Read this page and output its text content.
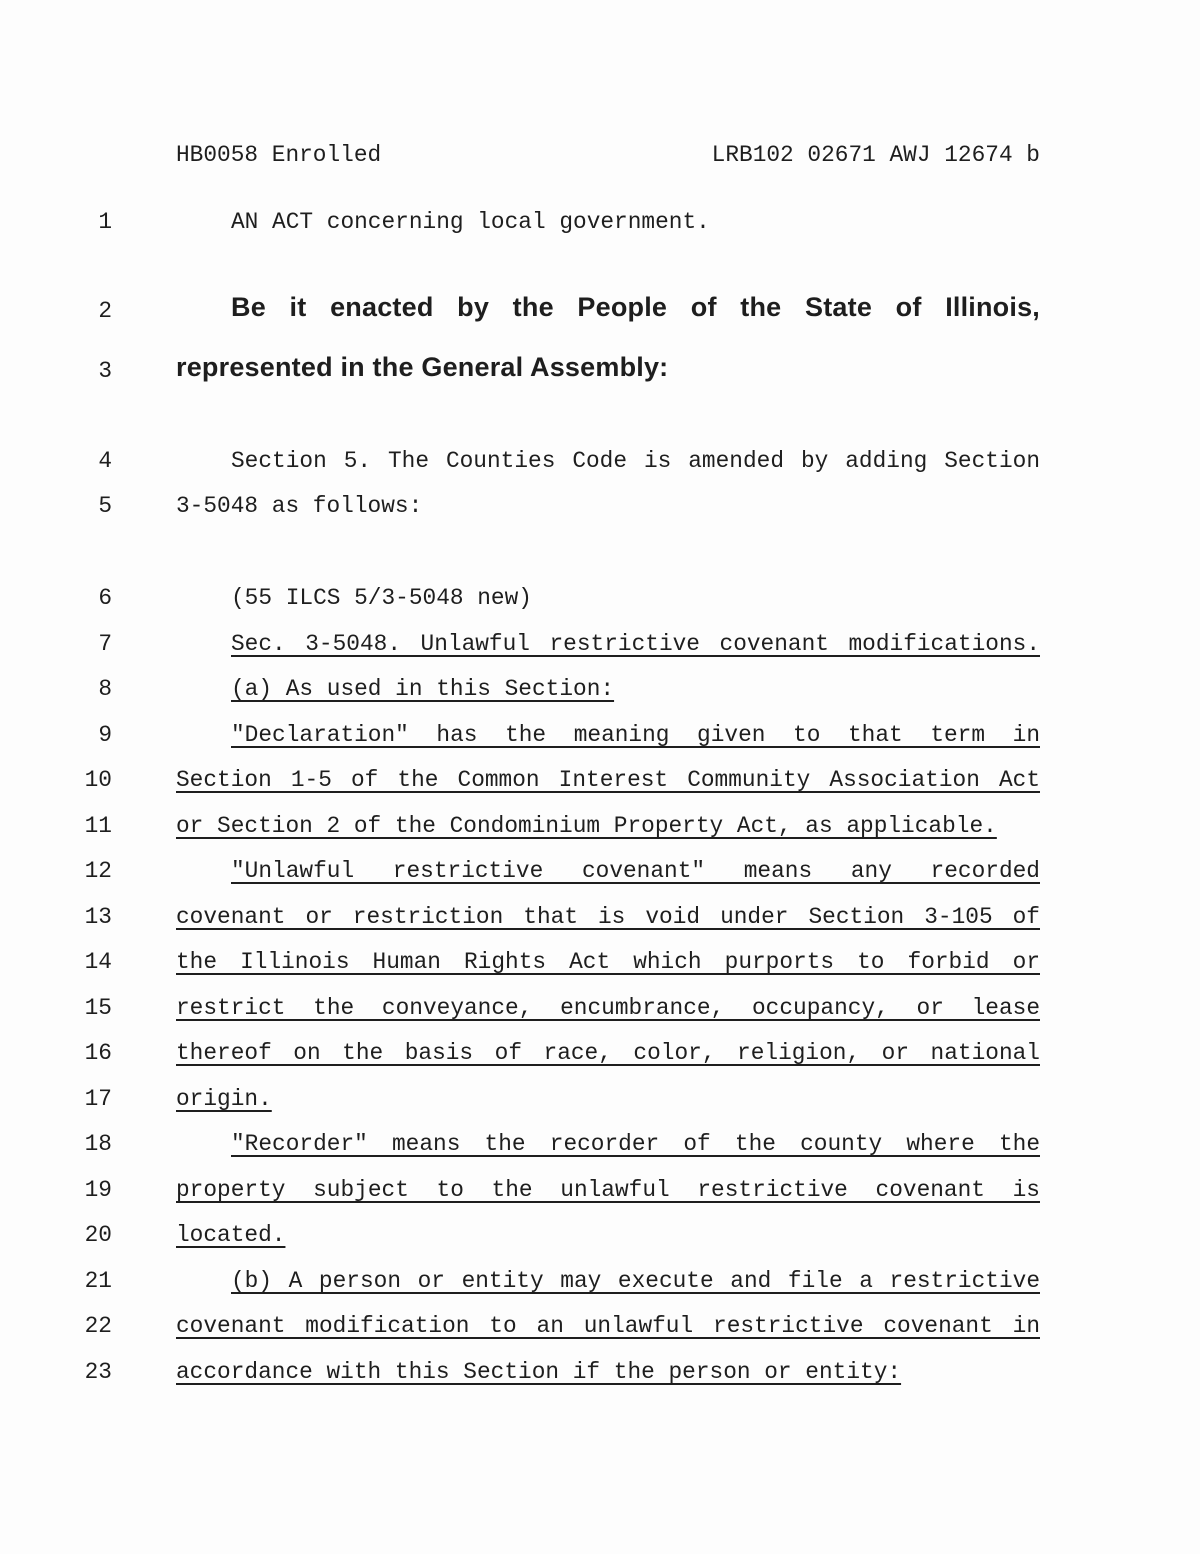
HB0058 Enrolled	LRB102 02671 AWJ 12674 b
1	AN ACT concerning local government.
2	Be it enacted by the People of the State of Illinois,
3 represented in the General Assembly:
4	Section 5. The Counties Code is amended by adding Section
5	3-5048 as follows:
6	(55 ILCS 5/3-5048 new)
7	Sec. 3-5048. Unlawful restrictive covenant modifications.
8	(a) As used in this Section:
9	"Declaration" has the meaning given to that term in
10	Section 1-5 of the Common Interest Community Association Act
11	or Section 2 of the Condominium Property Act, as applicable.
12	"Unlawful restrictive covenant" means any recorded
13	covenant or restriction that is void under Section 3-105 of
14	the Illinois Human Rights Act which purports to forbid or
15	restrict the conveyance, encumbrance, occupancy, or lease
16	thereof on the basis of race, color, religion, or national
17	origin.
18	"Recorder" means the recorder of the county where the
19	property subject to the unlawful restrictive covenant is
20	located.
21	(b) A person or entity may execute and file a restrictive
22	covenant modification to an unlawful restrictive covenant in
23	accordance with this Section if the person or entity:
